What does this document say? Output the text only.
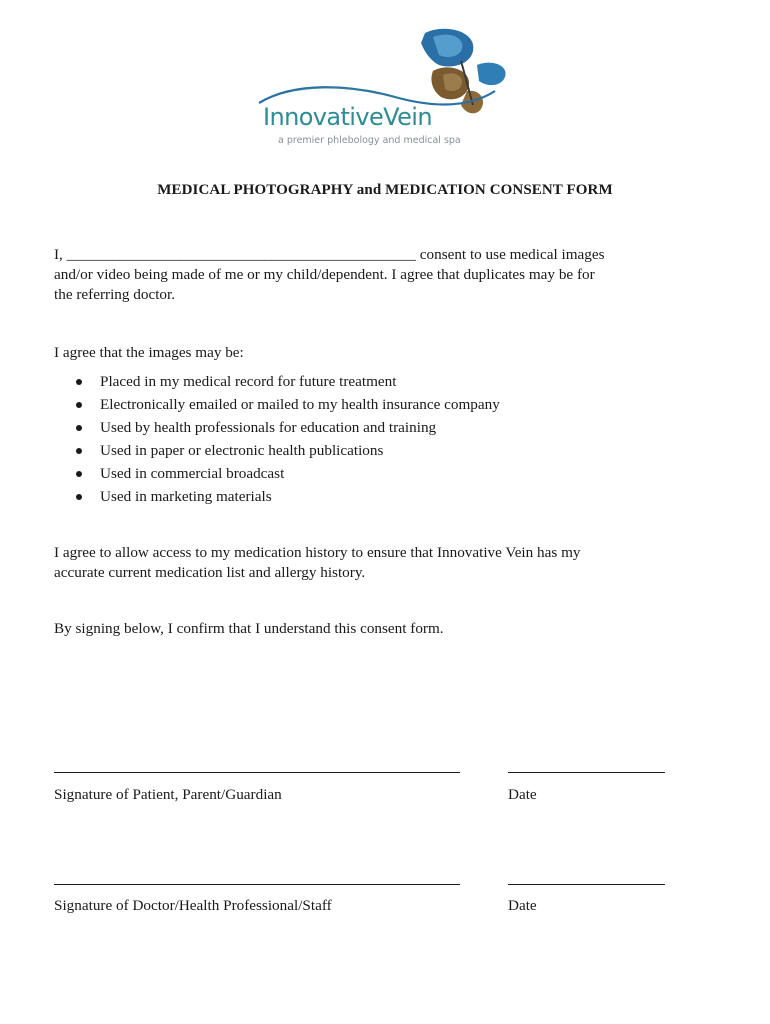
InnovativeVein
a premier phlebology and medical spa
MEDICAL PHOTOGRAPHY and MEDICATION CONSENT FORM
I, ______________________________________________ consent to use medical images
and/or video being made of me or my child/dependent. I agree that duplicates may be for
the referring doctor.
I agree that the images may be:
Placed in my medical record for future treatment
Electronically emailed or mailed to my health insurance company
Used by health professionals for education and training
Used in paper or electronic health publications
Used in commercial broadcast
Used in marketing materials
I agree to allow access to my medication history to ensure that Innovative Vein has my
accurate current medication list and allergy history.
By signing below, I confirm that I understand this consent form.
Signature of Patient, Parent/Guardian	Date
Signature of Doctor/Health Professional/Staff	Date
